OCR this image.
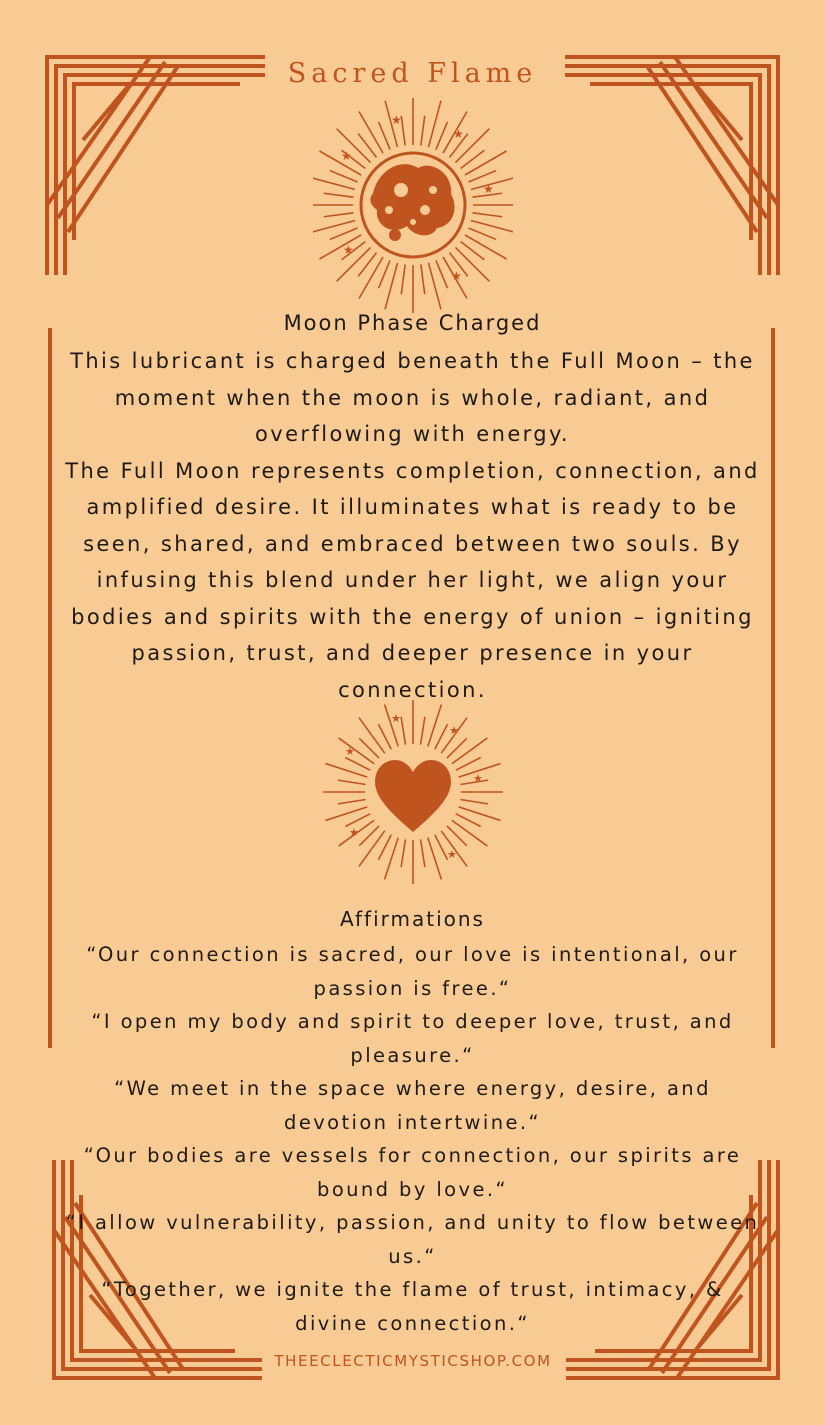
Sacred Flame
★
★
★
★
★
★
Moon Phase Charged

This lubricant is charged beneath the Full Moon – the moment when the moon is whole, radiant, and overflowing with energy.

The Full Moon represents completion, connection, and amplified desire. It illuminates what is ready to be seen, shared, and embraced between two souls. By infusing this blend under her light, we align your bodies and spirits with the energy of union – igniting passion, trust, and deeper presence in your connection.

★
★
★
★
★
★
Affirmations

“Our connection is sacred, our love is intentional, our passion is free.“

“I open my body and spirit to deeper love, trust, and pleasure.“

“We meet in the space where energy, desire, and devotion intertwine.“

“Our bodies are vessels for connection, our spirits are bound by love.“

“I allow vulnerability, passion, and unity to flow between us.“

“Together, we ignite the flame of trust, intimacy, & divine connection.“

THEECLECTICMYSTICSHOP.COM
